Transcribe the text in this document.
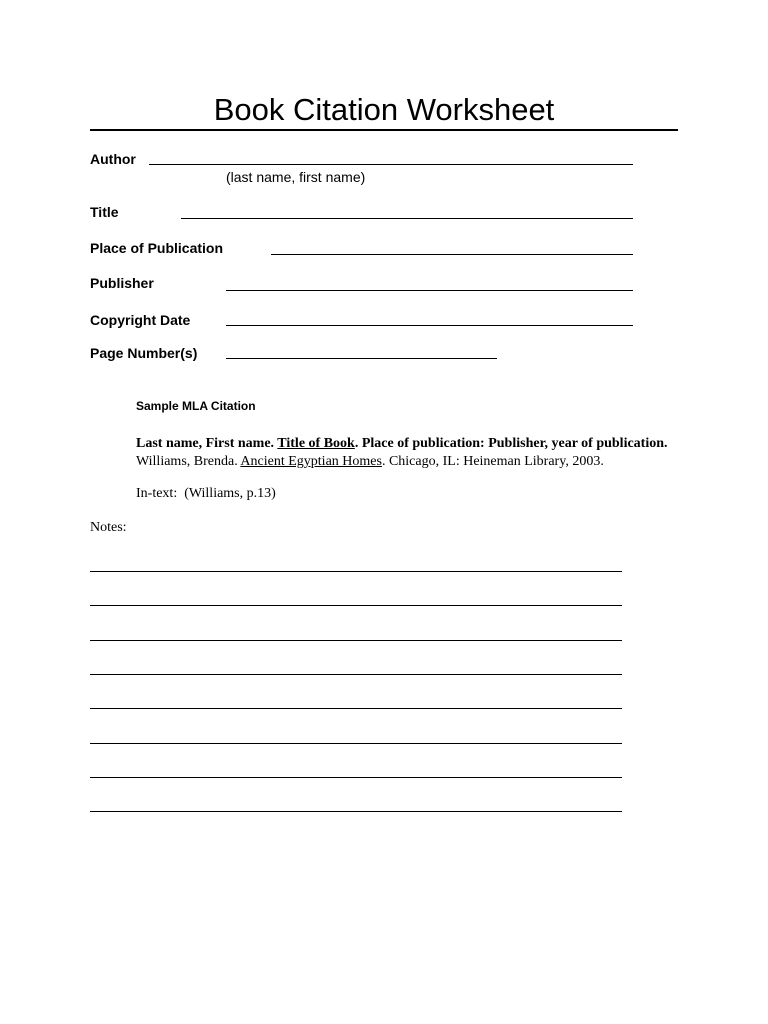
Book Citation Worksheet
Author
(last name, first name)
Title
Place of Publication
Publisher
Copyright Date
Page Number(s)
Sample MLA Citation
Last name, First name. Title of Book. Place of publication: Publisher, year of publication.
Williams, Brenda. Ancient Egyptian Homes. Chicago, IL: Heineman Library, 2003.
In-text:  (Williams, p.13)
Notes:
